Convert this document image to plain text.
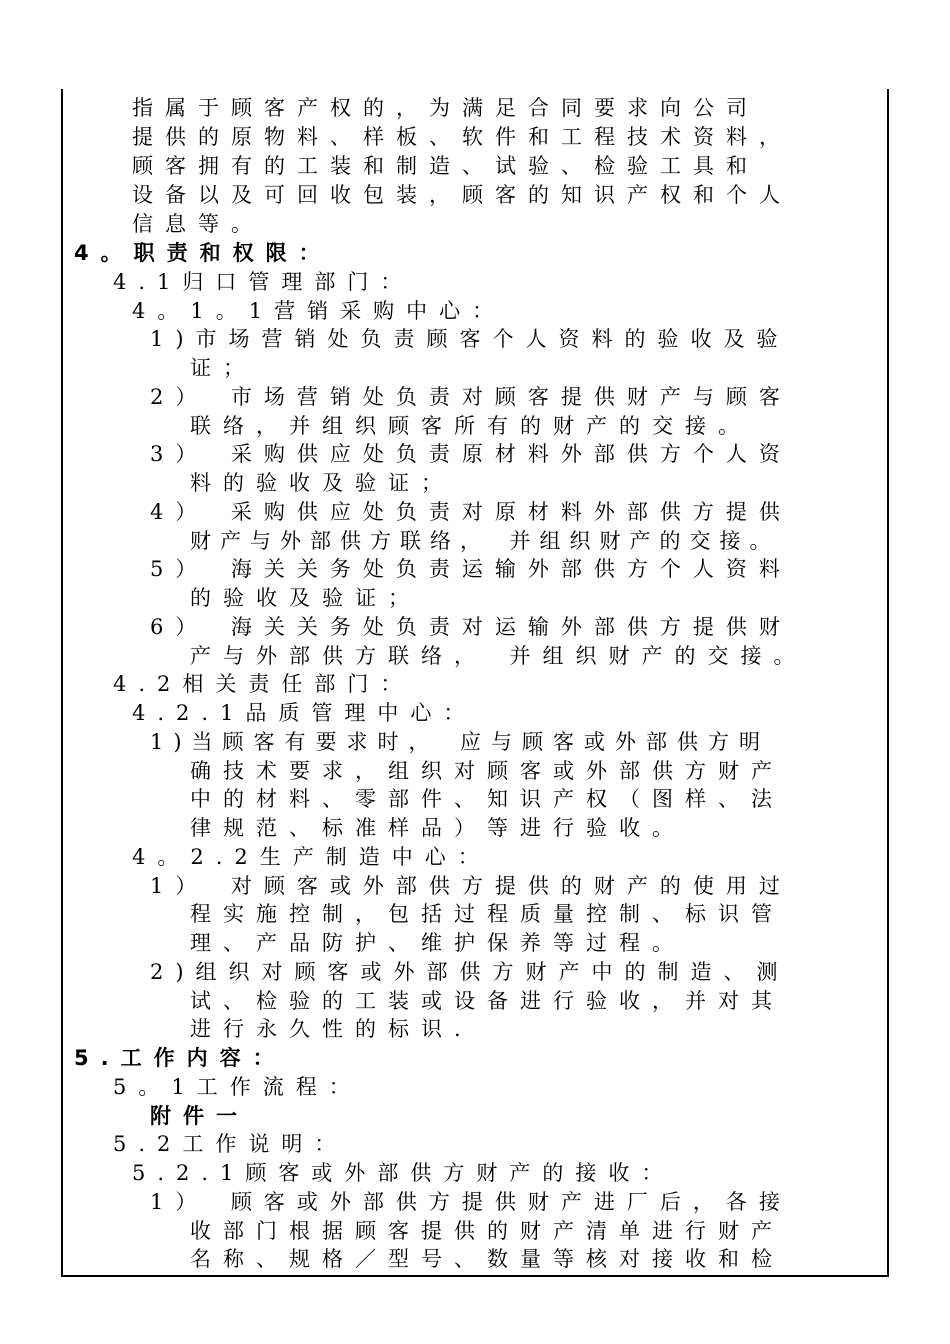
指属于顾客产权的，为满足合同要求向公司
提供的原物料、样板、软件和工程技术资料，
顾客拥有的工装和制造、试验、检验工具和
设备以及可回收包装，顾客的知识产权和个人
信息等。
4。职责和权限：
4.1归口管理部门：
4。1。1营销采购中心：
1)市场营销处负责顾客个人资料的验收及验
证；
2）　市场营销处负责对顾客提供财产与顾客
联络，并组织顾客所有的财产的交接。
3）　采购供应处负责原材料外部供方个人资
料的验收及验证；
4）　采购供应处负责对原材料外部供方提供
财产与外部供方联络，　并组织财产的交接。
5）　海关关务处负责运输外部供方个人资料
的验收及验证；
6）　海关关务处负责对运输外部供方提供财
产与外部供方联络，　并组织财产的交接。
4.2相关责任部门：
4.2.1品质管理中心：
1)当顾客有要求时，　应与顾客或外部供方明
确技术要求，组织对顾客或外部供方财产
中的材料、零部件、知识产权（图样、法
律规范、标准样品）等进行验收。
4。2.2生产制造中心：
1）　对顾客或外部供方提供的财产的使用过
程实施控制，包括过程质量控制、标识管
理、产品防护、维护保养等过程。
2)组织对顾客或外部供方财产中的制造、测
试、检验的工装或设备进行验收，并对其
进行永久性的标识.
5.工作内容：
5。1工作流程：
附件一
5.2工作说明：
5.2.1顾客或外部供方财产的接收：
1）　顾客或外部供方提供财产进厂后，各接
收部门根据顾客提供的财产清单进行财产
名称、规格／型号、数量等核对接收和检
